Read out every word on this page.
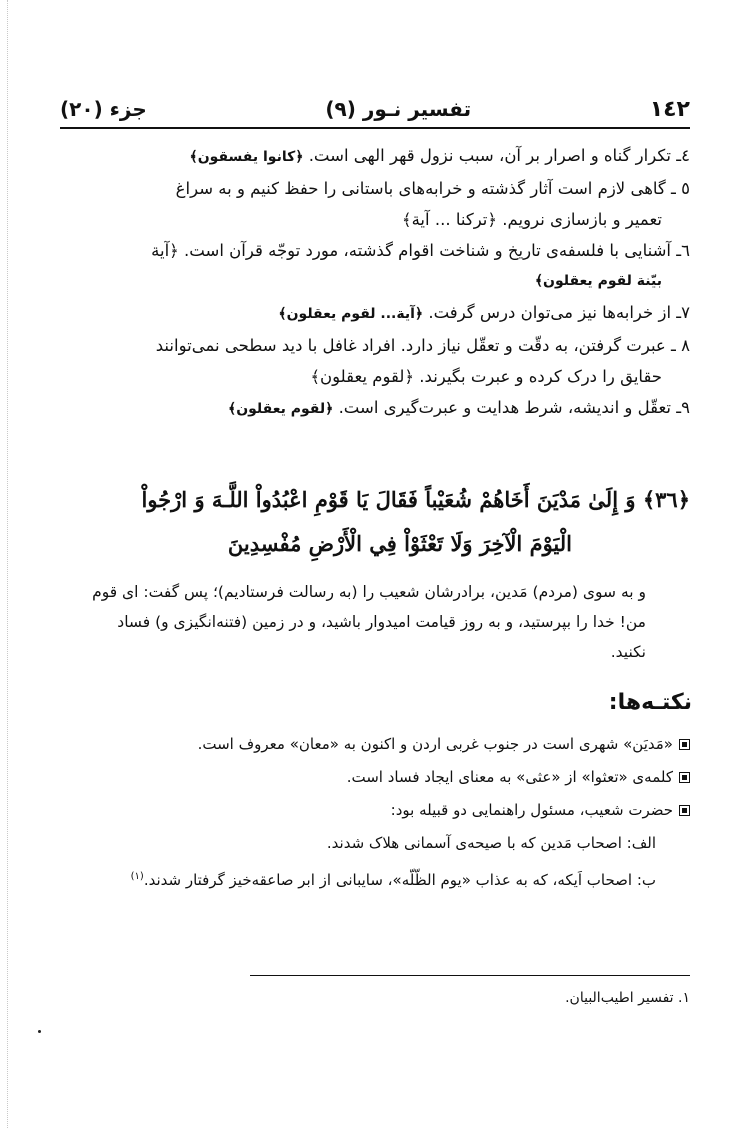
١٤٢
تفسیر نـور (٩)
جزء (٢٠)

٤ـ تکرار گناه و اصرار بر آن، سبب نزول قهر الهی است. ﴿كانوا يفسقون﴾

٥ ـ گاهی لازم است آثار گذشته و خرابه‌های باستانی را حفظ کنیم و به سراغ
تعمیر و بازسازی نرویم. ﴿تركنا ... آية﴾

٦ـ آشنایی با فلسفه‌ی تاریخ و شناخت اقوام گذشته، مورد توجّه قرآن است. ﴿آية
بيّنة لقوم يعقلون﴾

٧ـ از خرابه‌ها نیز می‌توان درس گرفت. ﴿آية... لقوم يعقلون﴾

٨ ـ عبرت گرفتن، به دقّت و تعقّل نیاز دارد. افراد غافل با دید سطحی نمی‌توانند
حقایق را درک کرده و عبرت بگیرند. ﴿لقوم يعقلون﴾

٩ـ تعقّل و اندیشه، شرط هدایت و عبرت‌گیری است. ﴿لقوم يعقلون﴾

﴿٣٦﴾ وَ إِلَىٰ مَدْيَنَ أَخَاهُمْ شُعَيْباً فَقَالَ يَا قَوْمِ اعْبُدُواْ اللَّـهَ وَ ارْجُواْ
الْيَوْمَ الْآخِرَ وَلَا تَعْثَوْاْ فِي الْأَرْضِ مُفْسِدِينَ
و به سوی (مردم) مَدین، برادرشان شعیب را (به رسالت فرستادیم)؛ پس گفت: ای قوم من! خدا را بپرستید، و به روز قیامت امیدوار باشید، و در زمین (فتنه‌انگیزی و) فساد نکنید.
نکتـه‌ها:
«مَدیَن» شهری است در جنوب غربی اردن و اکنون به «معان» معروف است.
کلمه‌ی «تعثوا» از «عثی» به معنای ایجاد فساد است.
حضرت شعیب، مسئول راهنمایی دو قبیله بود:
الف: اصحاب مَدین که با صیحه‌ی آسمانی هلاک شدند.
ب: اصحاب اَیکه، که به عذاب «یوم الظّلّه»، سایبانی از ابر صاعقه‌خیز گرفتار شدند.$^{(١)}$
١. تفسیر اطیب‌البیان.
